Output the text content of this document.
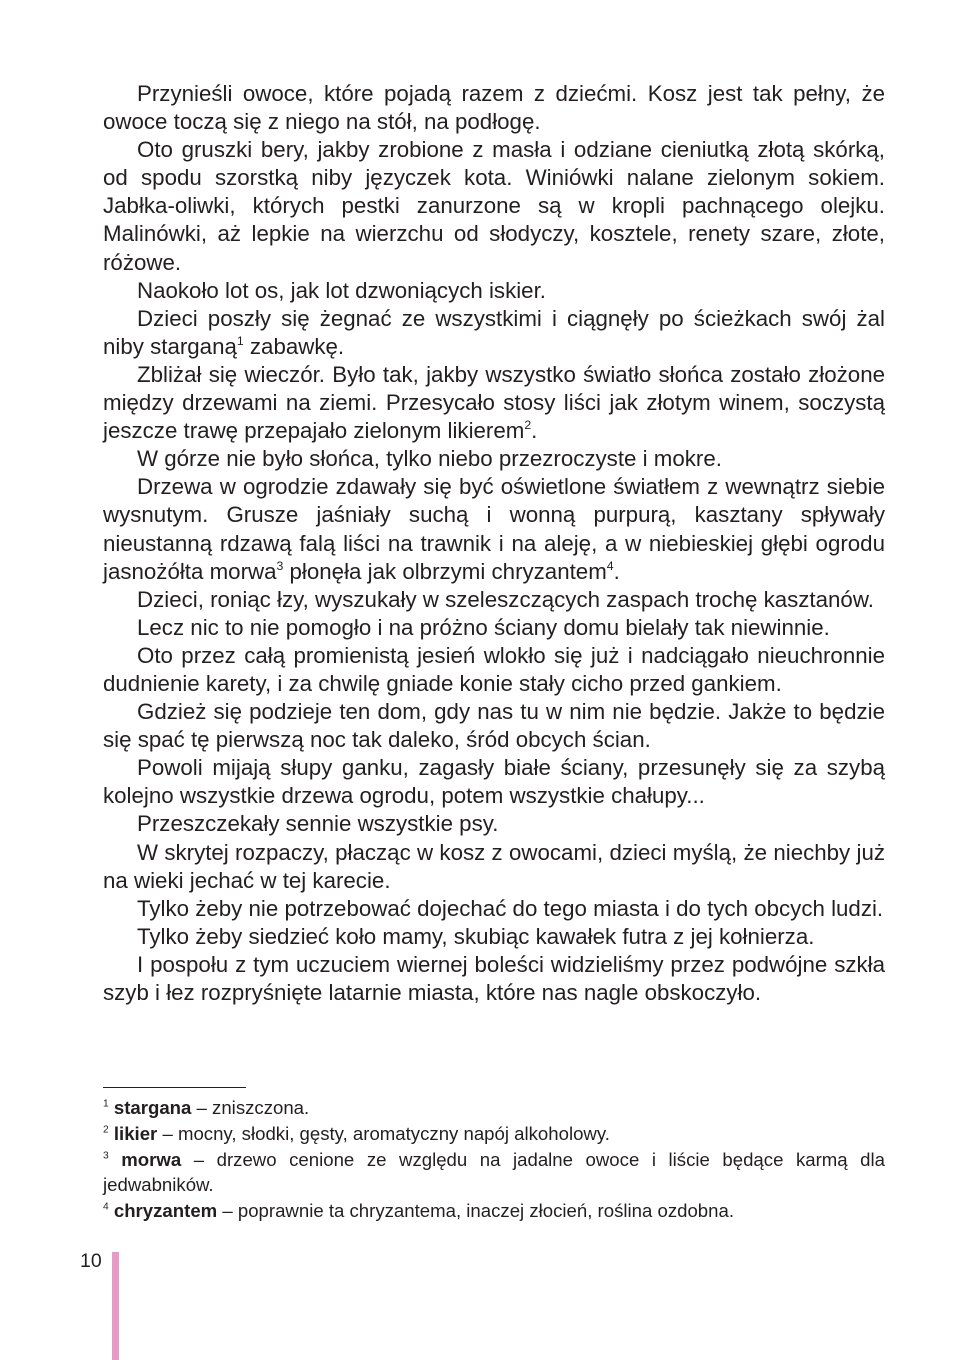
Przynieśli owoce, które pojadą razem z dziećmi. Kosz jest tak pełny, że owoce toczą się z niego na stół, na podłogę.

Oto gruszki bery, jakby zrobione z masła i odziane cieniutką złotą skórką, od spodu szorstką niby języczek kota. Winiówki nalane zielonym sokiem. Jabłka-oliwki, których pestki zanurzone są w kropli pachnącego olejku. Malinówki, aż lepkie na wierzchu od słodyczy, kosztele, renety szare, złote, różowe.

Naokoło lot os, jak lot dzwoniących iskier.

Dzieci poszły się żegnać ze wszystkimi i ciągnęły po ścieżkach swój żal niby starganą$^1$ zabawkę.

Zbliżał się wieczór. Było tak, jakby wszystko światło słońca zostało złożone między drzewami na ziemi. Przesycało stosy liści jak złotym winem, soczystą jeszcze trawę przepajało zielonym likierem$^2$.

W górze nie było słońca, tylko niebo przezroczyste i mokre.

Drzewa w ogrodzie zdawały się być oświetlone światłem z wewnątrz siebie wysnutym. Grusze jaśniały suchą i wonną purpurą, kasztany spływały nieustanną rdzawą falą liści na trawnik i na aleję, a w niebieskiej głębi ogrodu jasnożółta morwa$^3$ płonęła jak olbrzymi chryzantem$^4$.

Dzieci, roniąc łzy, wyszukały w szeleszczących zaspach trochę kasztanów.

Lecz nic to nie pomogło i na próżno ściany domu bielały tak niewinnie.

Oto przez całą promienistą jesień wlokło się już i nadciągało nieuchronnie dudnienie karety, i za chwilę gniade konie stały cicho przed gankiem.

Gdzież się podzieje ten dom, gdy nas tu w nim nie będzie. Jakże to będzie się spać tę pierwszą noc tak daleko, śród obcych ścian.

Powoli mijają słupy ganku, zagasły białe ściany, przesunęły się za szybą kolejno wszystkie drzewa ogrodu, potem wszystkie chałupy...

Przeszczekały sennie wszystkie psy.

W skrytej rozpaczy, płacząc w kosz z owocami, dzieci myślą, że niechby już na wieki jechać w tej karecie.

Tylko żeby nie potrzebować dojechać do tego miasta i do tych obcych ludzi.

Tylko żeby siedzieć koło mamy, skubiąc kawałek futra z jej kołnierza.

I pospołu z tym uczuciem wiernej boleści widzieliśmy przez podwójne szkła szyb i łez rozpryśnięte latarnie miasta, które nas nagle obskoczyło.

$^1$ stargana – zniszczona.

$^2$ likier – mocny, słodki, gęsty, aromatyczny napój alkoholowy.

$^3$ morwa – drzewo cenione ze względu na jadalne owoce i liście będące karmą dla jedwabników.

$^4$ chryzantem – poprawnie ta chryzantema, inaczej złocień, roślina ozdobna.

10
